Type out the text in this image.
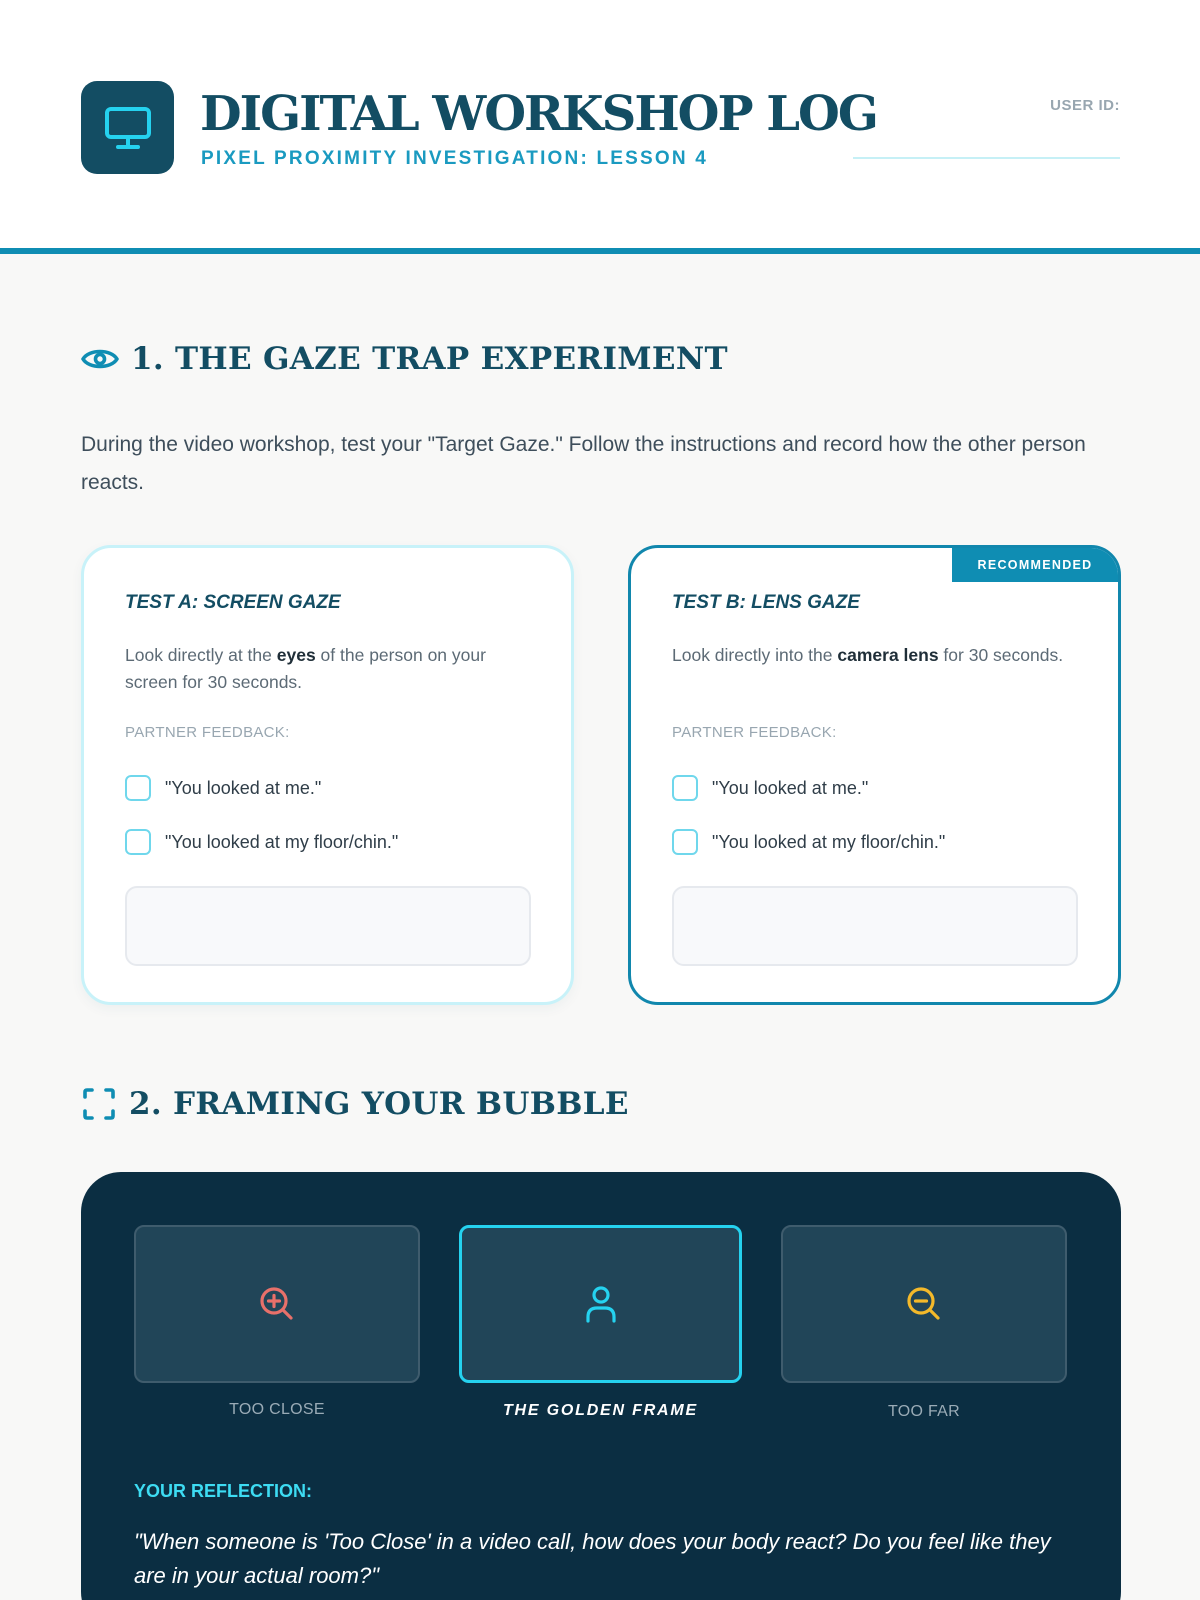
DIGITAL WORKSHOP LOG
PIXEL PROXIMITY INVESTIGATION: LESSON 4
USER ID:
1. THE GAZE TRAP EXPERIMENT
During the video workshop, test your "Target Gaze." Follow the instructions and record how the other person reacts.
TEST A: SCREEN GAZE
Look directly at the eyes of the person on your screen for 30 seconds.
PARTNER FEEDBACK:
"You looked at me."
"You looked at my floor/chin."
RECOMMENDED
TEST B: LENS GAZE
Look directly into the camera lens for 30 seconds.
PARTNER FEEDBACK:
"You looked at me."
"You looked at my floor/chin."
2. FRAMING YOUR BUBBLE
TOO CLOSE	THE GOLDEN FRAME	TOO FAR
YOUR REFLECTION:
"When someone is 'Too Close' in a video call, how does your body react? Do you feel like they are in your actual room?"
